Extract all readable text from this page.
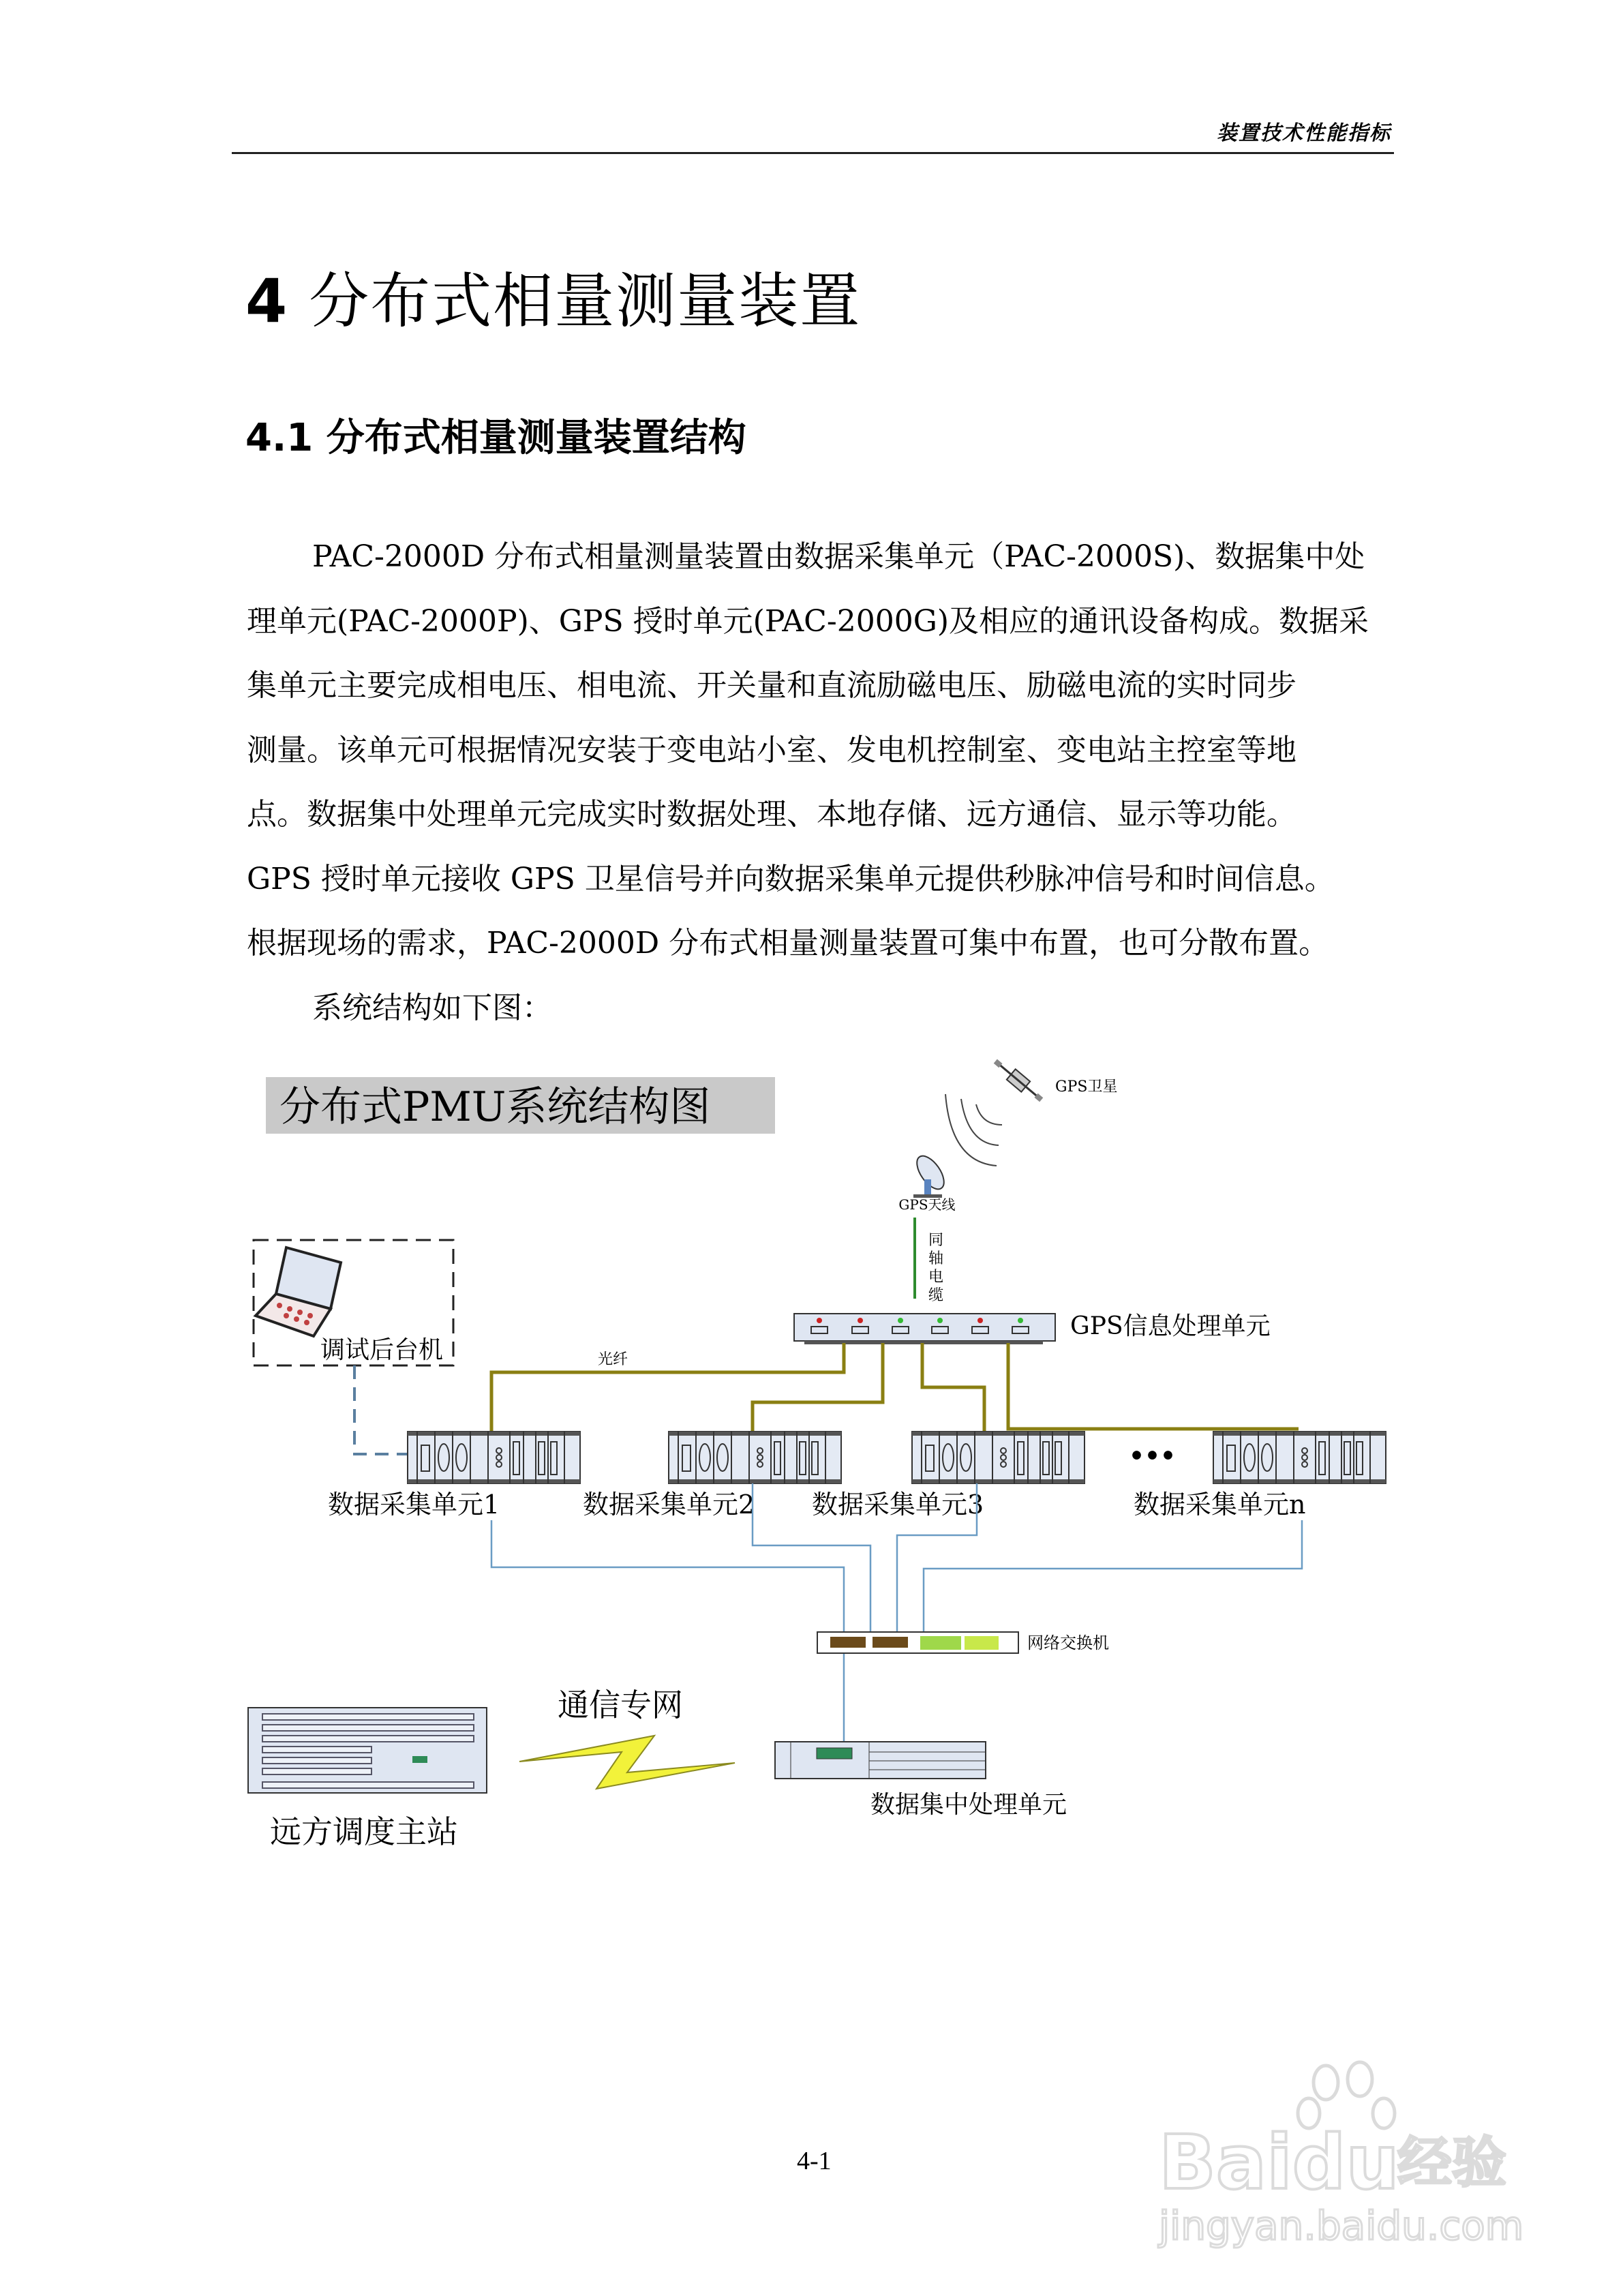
装置技术性能指标
4 分布式相量测量装置
4.1 分布式相量测量装置结构
PAC-2000D 分布式相量测量装置由数据采集单元（PAC-2000S)、数据集中处
理单元(PAC-2000P)、GPS 授时单元(PAC-2000G)及相应的通讯设备构成。数据采
集单元主要完成相电压、相电流、开关量和直流励磁电压、励磁电流的实时同步
测量。该单元可根据情况安装于变电站小室、发电机控制室、变电站主控室等地
点。数据集中处理单元完成实时数据处理、本地存储、远方通信、显示等功能。
GPS 授时单元接收 GPS 卫星信号并向数据采集单元提供秒脉冲信号和时间信息。
根据现场的需求，PAC-2000D 分布式相量测量装置可集中布置，也可分散布置。
系统结构如下图：
分布式PMU系统结构图	GPS卫星
GPS天线
同
轴
电
缆
GPS信息处理单元
调试后台机	光纤
•••
数据采集单元1	数据采集单元2 数据采集单元3	数据采集单元n
网络交换机
数据集中处理单元
通信专网
远方调度主站
Baidu
经验
jingyan.baidu.com
4-1
